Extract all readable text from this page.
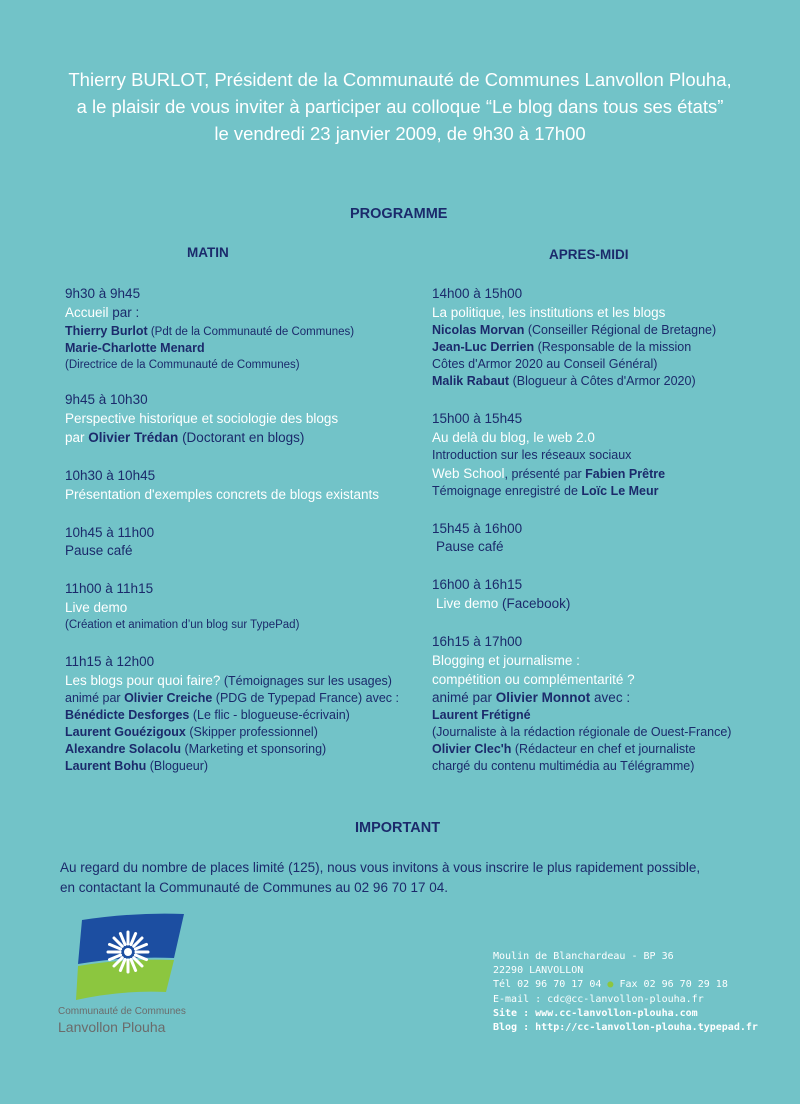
Thierry BURLOT, Président de la Communauté de Communes Lanvollon Plouha,
a le plaisir de vous inviter à participer au colloque “Le blog dans tous ses états”
le vendredi 23 janvier 2009, de 9h30 à 17h00
PROGRAMME
MATIN	APRES-MIDI
9h30 à 9h45
Accueil par :
Thierry Burlot (Pdt de la Communauté de Communes)
Marie-Charlotte Menard
(Directrice de la Communauté de Communes)
9h45 à 10h30
Perspective historique et sociologie des blogs
par Olivier Trédan (Doctorant en blogs)
10h30 à 10h45
Présentation d'exemples concrets de blogs existants
10h45 à 11h00
Pause café
11h00 à 11h15
Live demo
(Création et animation d’un blog sur TypePad)
11h15 à 12h00
Les blogs pour quoi faire? (Témoignages sur les usages)
animé par Olivier Creiche (PDG de Typepad France) avec :
Bénédicte Desforges (Le flic - blogueuse-écrivain)
Laurent Gouézigoux (Skipper professionnel)
Alexandre Solacolu (Marketing et sponsoring)
Laurent Bohu (Blogueur)
14h00 à 15h00
La politique, les institutions et les blogs
Nicolas Morvan (Conseiller Régional de Bretagne)
Jean-Luc Derrien (Responsable de la mission
Côtes d'Armor 2020 au Conseil Général)
Malik Rabaut (Blogueur à Côtes d'Armor 2020)
15h00 à 15h45
Au delà du blog, le web 2.0
Introduction sur les réseaux sociaux
Web School, présenté par Fabien Prêtre
Témoignage enregistré de Loïc Le Meur
15h45 à 16h00
Pause café
16h00 à 16h15
Live demo (Facebook)
16h15 à 17h00
Blogging et journalisme :
compétition ou complémentarité ?
animé par Olivier Monnot avec :
Laurent Frétigné
(Journaliste à la rédaction régionale de Ouest-France)
Olivier Clec'h (Rédacteur en chef et journaliste
chargé du contenu multimédia au Télégramme)
IMPORTANT
Au regard du nombre de places limité (125), nous vous invitons à vous inscrire le plus rapidement possible,
en contactant la Communauté de Communes au 02 96 70 17 04.
Communauté de Communes
Lanvollon Plouha
Moulin de Blanchardeau - BP 36
22290 LANVOLLON
Tél 02 96 70 17 04 ● Fax 02 96 70 29 18
E-mail : cdc@cc-lanvollon-plouha.fr
Site : www.cc-lanvollon-plouha.com
Blog : http://cc-lanvollon-plouha.typepad.fr
